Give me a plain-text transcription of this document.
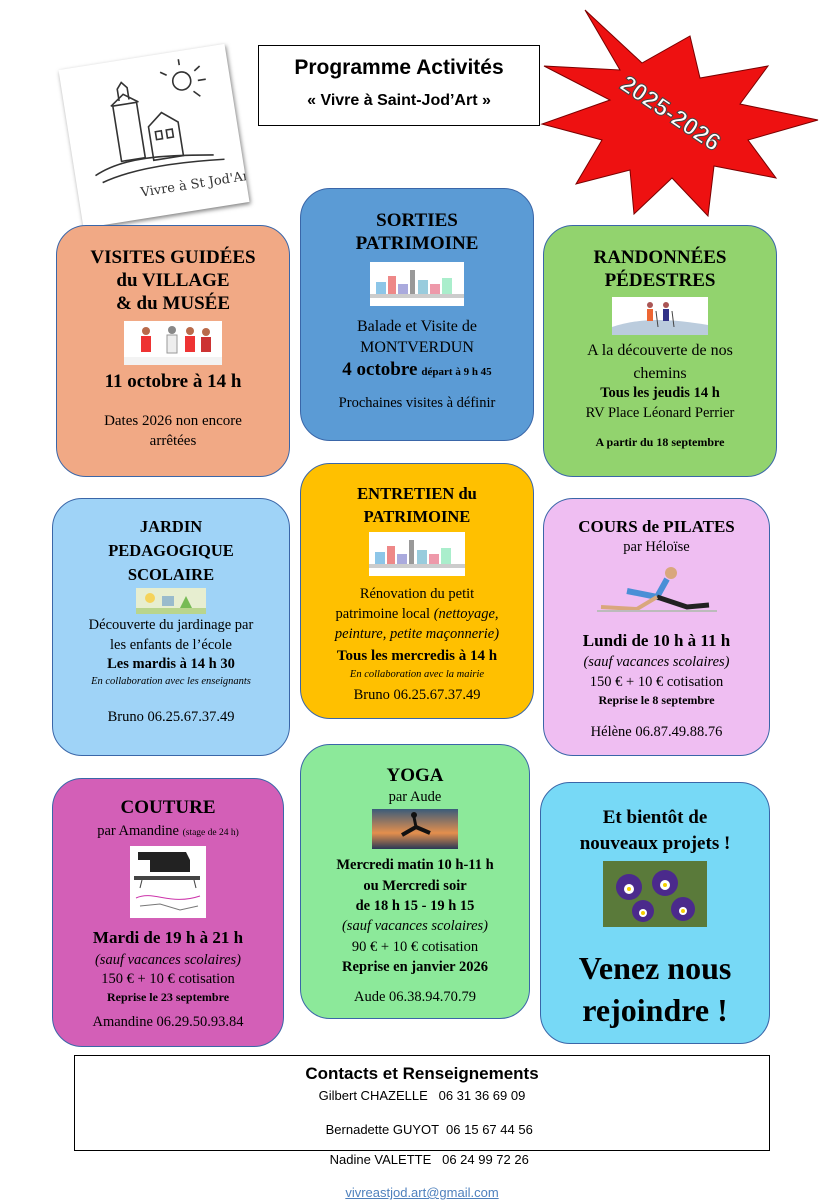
Vivre à St Jod'Art
Programme Activités
« Vivre à Saint-Jod’Art »	2025-2026
VISITES GUIDÉES
du VILLAGE
& du MUSÉE
11 octobre à 14 h
Dates 2026 non encore
arrêtées
SORTIES
PATRIMOINE
Balade et Visite de
MONTVERDUN
4 octobre départ à 9 h 45
Prochaines visites à définir
RANDONNÉES
PÉDESTRES
A la découverte de nos
chemins
Tous les jeudis 14 h
RV Place Léonard Perrier
A partir du 18 septembre
JARDIN
PEDAGOGIQUE
SCOLAIRE
Découverte du jardinage par
les enfants de l’école
Les mardis à 14 h 30
En collaboration avec les enseignants
Bruno 06.25.67.37.49
ENTRETIEN du
PATRIMOINE
Rénovation du petit
patrimoine local (nettoyage,
peinture, petite maçonnerie)
Tous les mercredis à 14 h
En collaboration avec la mairie
Bruno 06.25.67.37.49
COURS de PILATES
par Héloïse
Lundi de 10 h à 11 h
(sauf vacances scolaires)
150 € + 10 € cotisation
Reprise le 8 septembre
Hélène 06.87.49.88.76
COUTURE
par Amandine (stage de 24 h)
Mardi de 19 h à 21 h
(sauf vacances scolaires)
150 € + 10 € cotisation
Reprise le 23 septembre
Amandine 06.29.50.93.84
YOGA
par Aude
Mercredi matin 10 h-11 h
ou Mercredi soir
de 18 h 15 - 19 h 15
(sauf vacances scolaires)
90 € + 10 € cotisation
Reprise en janvier 2026
Aude 06.38.94.70.79
Et bientôt de
nouveaux projets !
Venez nous
rejoindre !
Contacts et Renseignements
Gilbert CHAZELLE   06 31 36 69 09

Bernadette GUYOT  06 15 67 44 56

Nadine VALETTE   06 24 99 72 26

vivreastjod.art@gmail.com
